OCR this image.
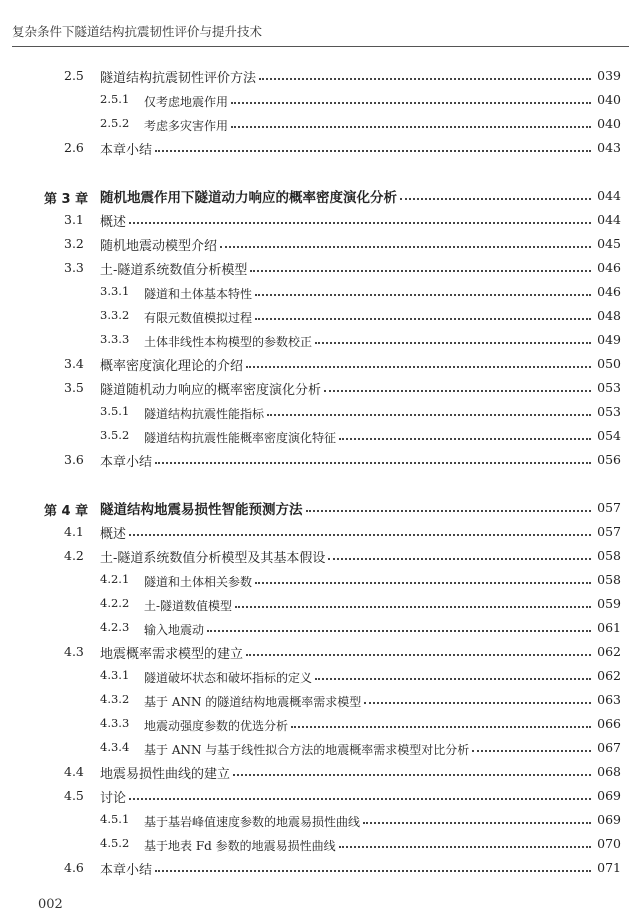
复杂条件下隧道结构抗震韧性评价与提升技术
2.5 隧道结构抗震韧性评价方法	039
2.5.1 仅考虑地震作用	040
2.5.2 考虑多灾害作用	040
2.6 本章小结	043
第 3 章 随机地震作用下隧道动力响应的概率密度演化分析	044
3.1 概述	044
3.2 随机地震动模型介绍	045
3.3 土-隧道系统数值分析模型	046
3.3.1 隧道和土体基本特性	046
3.3.2 有限元数值模拟过程	048
3.3.3 土体非线性本构模型的参数校正	049
3.4 概率密度演化理论的介绍	050
3.5 隧道随机动力响应的概率密度演化分析	053
3.5.1 隧道结构抗震性能指标	053
3.5.2 隧道结构抗震性能概率密度演化特征	054
3.6 本章小结	056
第 4 章 隧道结构地震易损性智能预测方法	057
4.1 概述	057
4.2 土-隧道系统数值分析模型及其基本假设	058
4.2.1 隧道和土体相关参数	058
4.2.2 土-隧道数值模型	059
4.2.3 输入地震动	061
4.3 地震概率需求模型的建立	062
4.3.1 隧道破坏状态和破坏指标的定义	062
4.3.2 基于 ANN 的隧道结构地震概率需求模型	063
4.3.3 地震动强度参数的优选分析	066
4.3.4 基于 ANN 与基于线性拟合方法的地震概率需求模型对比分析	067
4.4 地震易损性曲线的建立	068
4.5 讨论	069
4.5.1 基于基岩峰值速度参数的地震易损性曲线	069
4.5.2 基于地表 Fd 参数的地震易损性曲线	070
4.6 本章小结	071
002
